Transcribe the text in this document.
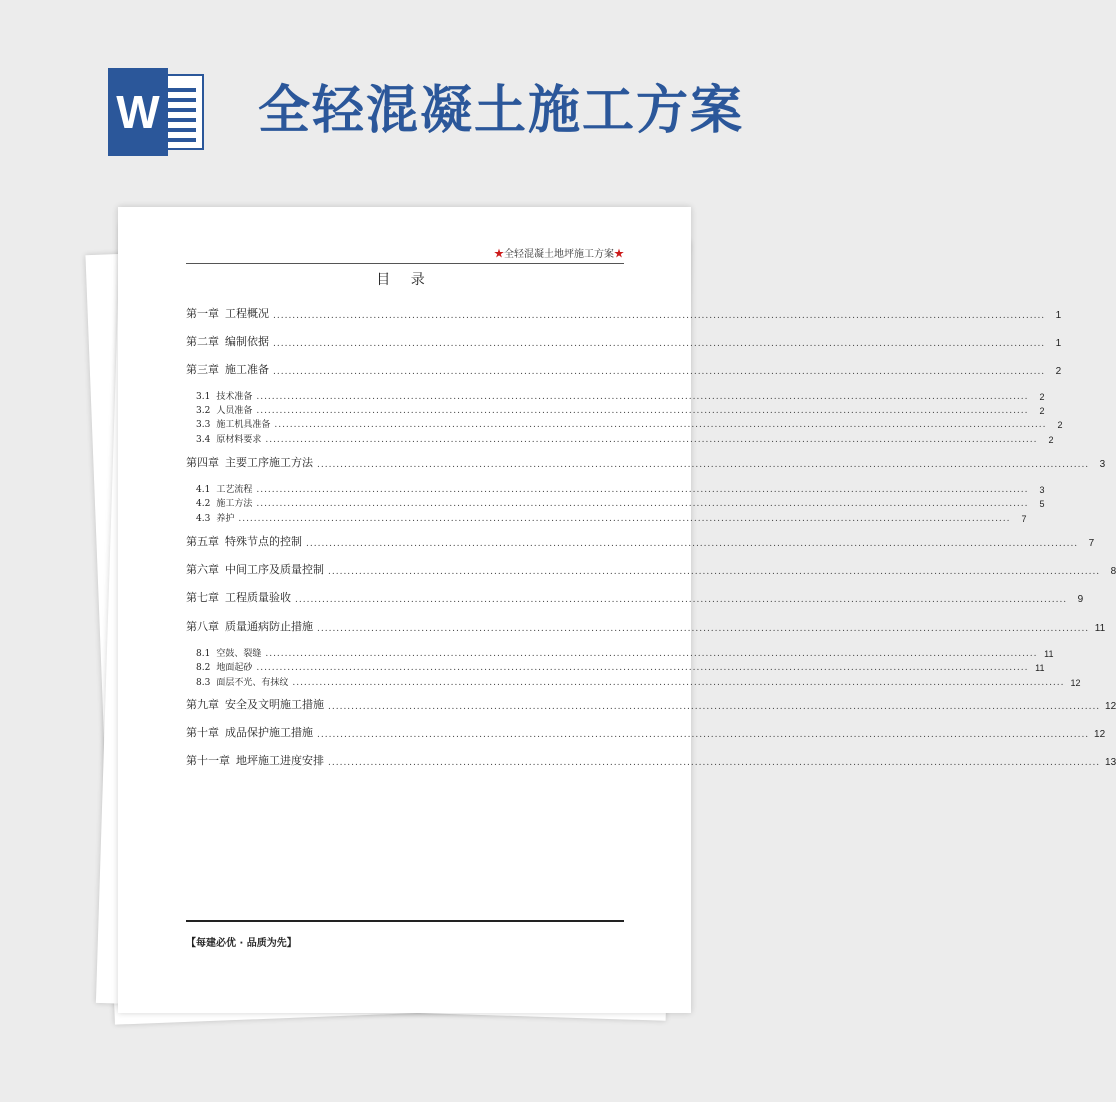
W 全轻混凝土施工方案
★全轻混凝土地坪施工方案★
目 录
第一章 工程概况 ........................................................................................................................................................................................................	1
第二章 编制依据 ........................................................................................................................................................................................................	1
第三章 施工准备 ........................................................................................................................................................................................................	2
3.1 技术准备 ........................................................................................................................................................................................................	2
3.2 人员准备 ........................................................................................................................................................................................................	2
3.3 施工机具准备 ........................................................................................................................................................................................................	2
3.4 原材料要求 ........................................................................................................................................................................................................	2
第四章 主要工序施工方法 ........................................................................................................................................................................................................	3
4.1 工艺流程 ........................................................................................................................................................................................................	3
4.2 施工方法 ........................................................................................................................................................................................................	5
4.3 养护 ........................................................................................................................................................................................................	7
第五章 特殊节点的控制 ........................................................................................................................................................................................................	7
第六章 中间工序及质量控制 ........................................................................................................................................................................................................	8
第七章 工程质量验收 ........................................................................................................................................................................................................	9
第八章 质量通病防止措施 ........................................................................................................................................................................................................ 11
8.1 空鼓、裂缝 ........................................................................................................................................................................................................ 11
8.2 地面起砂 ........................................................................................................................................................................................................ 11
8.3 面层不光、有抹纹 ........................................................................................................................................................................................................ 12
第九章 安全及文明施工措施 ........................................................................................................................................................................................................ 12
第十章 成品保护施工措施 ........................................................................................................................................................................................................ 12
第十一章 地坪施工进度安排 ........................................................................................................................................................................................................ 13
【每建必优 · 品质为先】
